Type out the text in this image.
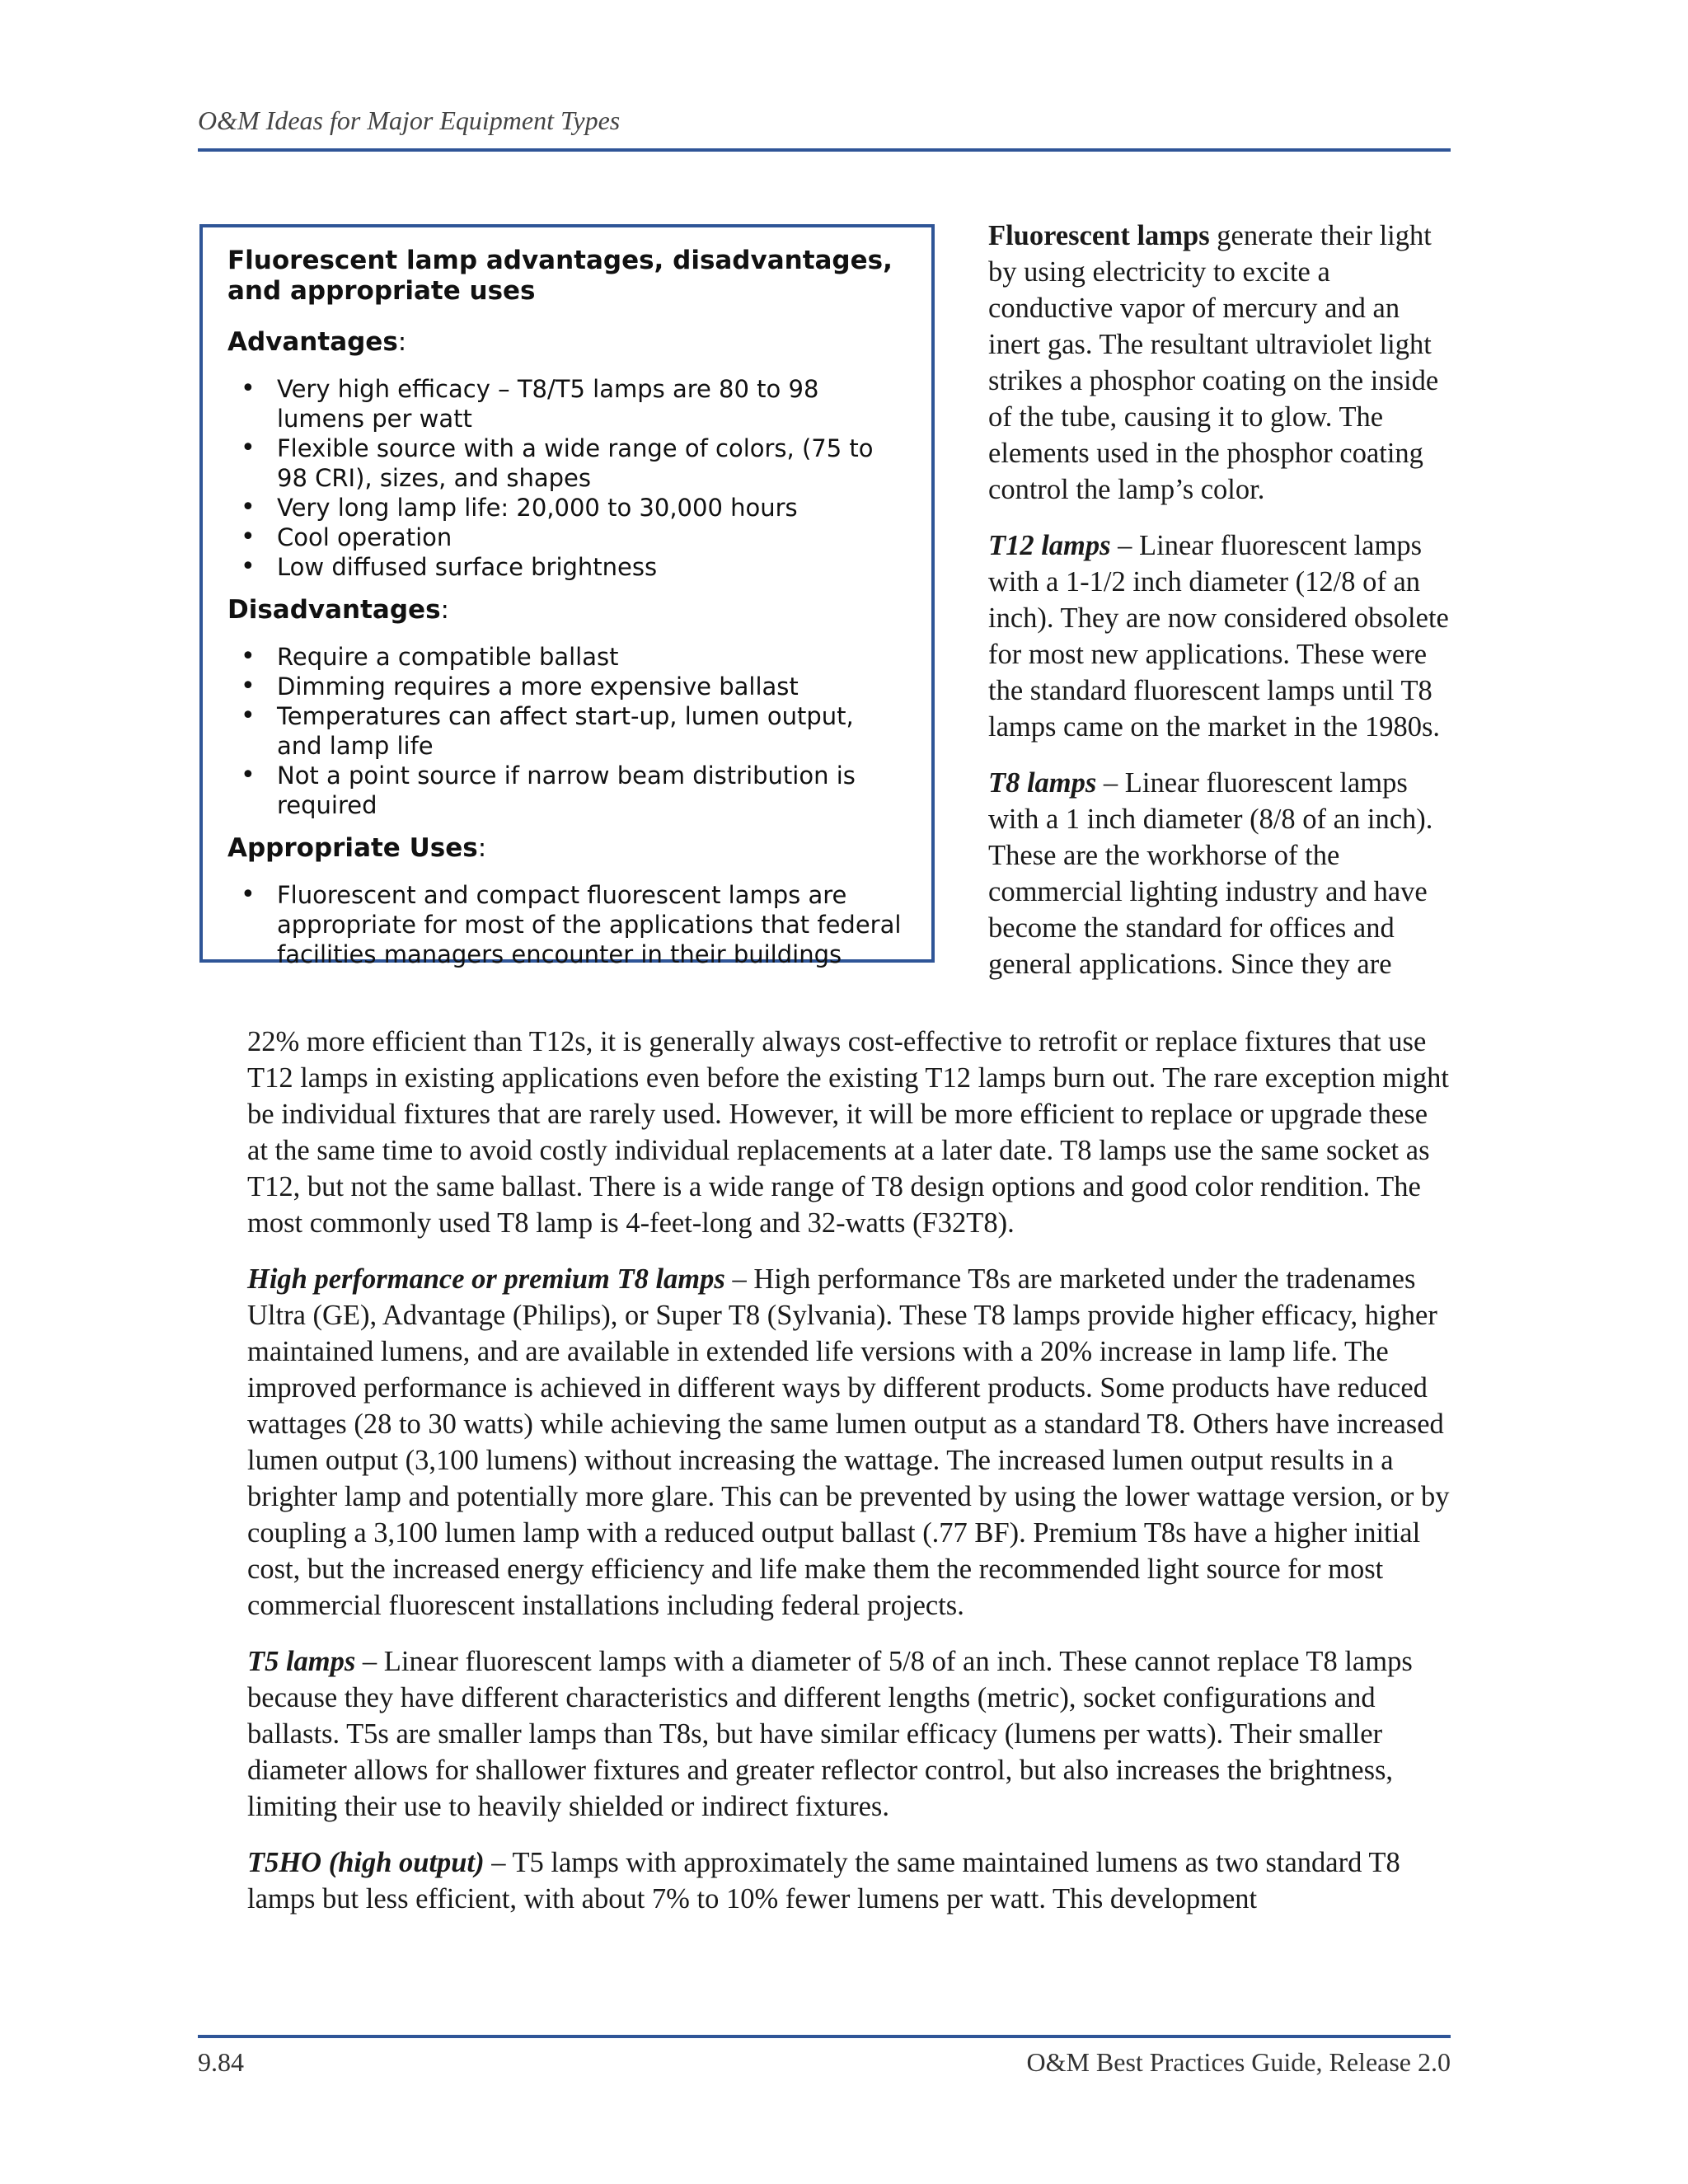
O&M Ideas for Major Equipment Types
Fluorescent lamp advantages, disadvantages, and appropriate uses
Advantages:
• Very high efficacy – T8/T5 lamps are 80 to 98 lumens per watt
• Flexible source with a wide range of colors, (75 to 98 CRI), sizes, and shapes
• Very long lamp life: 20,000 to 30,000 hours
• Cool operation
• Low diffused surface brightness
Disadvantages:
• Require a compatible ballast
• Dimming requires a more expensive ballast
• Temperatures can affect start-up, lumen output, and lamp life
• Not a point source if narrow beam distribution is required
Appropriate Uses:
• Fluorescent and compact fluorescent lamps are appropriate for most of the applications that federal facilities managers encounter in their buildings

Fluorescent lamps generate their light by using electricity to excite a conductive vapor of mercury and an inert gas. The resultant ultraviolet light strikes a phosphor coating on the inside of the tube, causing it to glow. The elements used in the phosphor coating control the lamp’s color.

T12 lamps – Linear fluorescent lamps with a 1-1/2 inch diameter (12/8 of an inch). They are now considered obsolete for most new applications. These were the standard fluorescent lamps until T8 lamps came on the market in the 1980s.

T8 lamps – Linear fluorescent lamps with a 1 inch diameter (8/8 of an inch). These are the workhorse of the commercial lighting industry and have become the standard for offices and general applications. Since they are

22% more efficient than T12s, it is generally always cost-effective to retrofit or replace fixtures that use T12 lamps in existing applications even before the existing T12 lamps burn out. The rare exception might be individual fixtures that are rarely used. However, it will be more efficient to replace or upgrade these at the same time to avoid costly individual replacements at a later date. T8 lamps use the same socket as T12, but not the same ballast. There is a wide range of T8 design options and good color rendition. The most commonly used T8 lamp is 4-feet-long and 32-watts (F32T8).

High performance or premium T8 lamps – High performance T8s are marketed under the tradenames Ultra (GE), Advantage (Philips), or Super T8 (Sylvania). These T8 lamps provide higher efficacy, higher maintained lumens, and are available in extended life versions with a 20% increase in lamp life. The improved performance is achieved in different ways by different products. Some products have reduced wattages (28 to 30 watts) while achieving the same lumen output as a standard T8. Others have increased lumen output (3,100 lumens) without increasing the wattage. The increased lumen output results in a brighter lamp and potentially more glare. This can be prevented by using the lower wattage version, or by coupling a 3,100 lumen lamp with a reduced output ballast (.77 BF). Premium T8s have a higher initial cost, but the increased energy efficiency and life make them the recommended light source for most commercial fluorescent installations including federal projects.

T5 lamps – Linear fluorescent lamps with a diameter of 5/8 of an inch. These cannot replace T8 lamps because they have different characteristics and different lengths (metric), socket configurations and ballasts. T5s are smaller lamps than T8s, but have similar efficacy (lumens per watts). Their smaller diameter allows for shallower fixtures and greater reflector control, but also increases the brightness, limiting their use to heavily shielded or indirect fixtures.

T5HO (high output) – T5 lamps with approximately the same maintained lumens as two standard T8 lamps but less efficient, with about 7% to 10% fewer lumens per watt. This development

9.84	O&M Best Practices Guide, Release 2.0
